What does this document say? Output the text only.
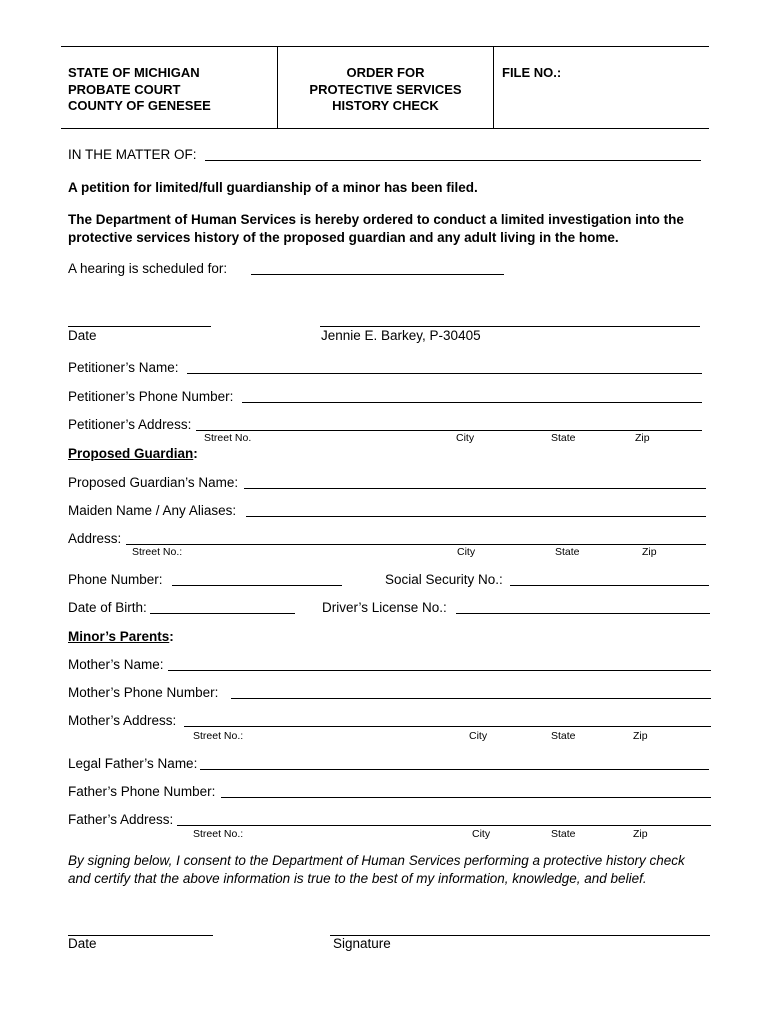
STATE OF MICHIGAN
PROBATE COURT
COUNTY OF GENESEE
ORDER FOR
PROTECTIVE SERVICES
HISTORY CHECK
FILE NO.:
IN THE MATTER OF:
A petition for limited/full guardianship of a minor has been filed.
The Department of Human Services is hereby ordered to conduct a limited investigation into the
protective services history of the proposed guardian and any adult living in the home.
A hearing is scheduled for:
Date	Jennie E. Barkey, P-30405
Petitioner’s Name:
Petitioner’s Phone Number:
Petitioner’s Address:
Street No.	City	State	Zip
Proposed Guardian:
Proposed Guardian’s Name:
Maiden Name / Any Aliases:
Address:
Street No.:	City	State	Zip
Phone Number:	Social Security No.:
Date of Birth:	Driver’s License No.:
Minor’s Parents:
Mother’s Name:
Mother’s Phone Number:
Mother’s Address:
Street No.:	City	State	Zip
Legal Father’s Name:
Father’s Phone Number:
Father’s Address:
Street No.:	City	State	Zip
By signing below, I consent to the Department of Human Services performing a protective history check
and certify that the above information is true to the best of my information, knowledge, and belief.
Date	Signature
